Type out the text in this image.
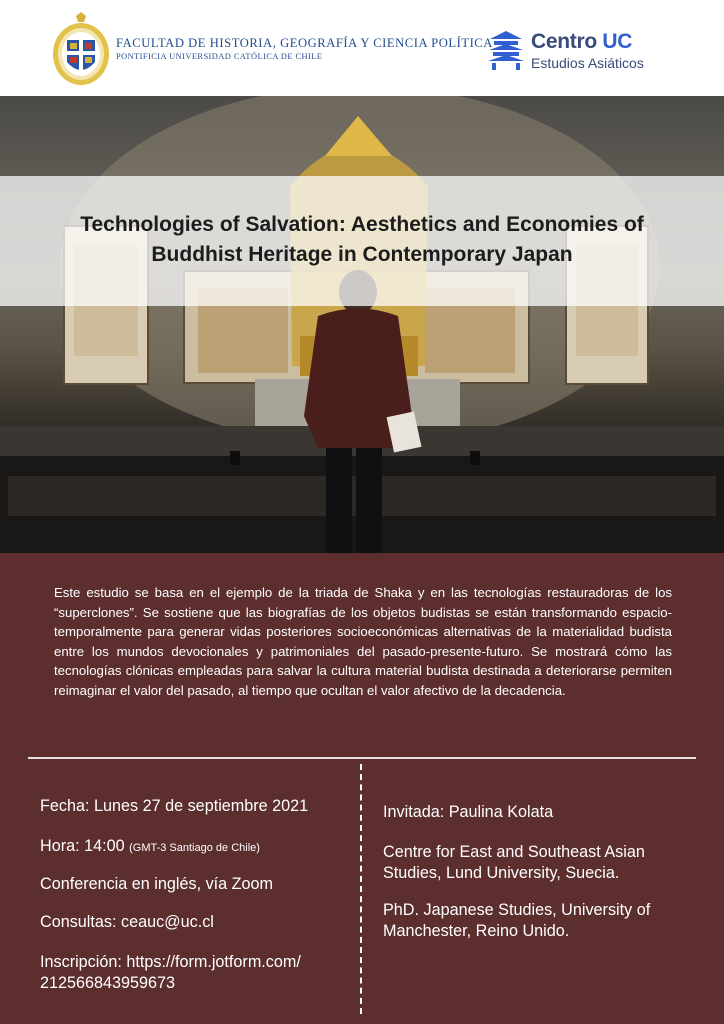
FACULTAD DE HISTORIA, GEOGRAFÍA Y CIENCIA POLÍTICA
PONTIFICIA UNIVERSIDAD CATÓLICA DE CHILE
Centro UC
Estudios Asiáticos
Technologies of Salvation: Aesthetics and Economies of
Buddhist Heritage in Contemporary Japan
Este estudio se basa en el ejemplo de la triada de Shaka y en las tecnologías restauradoras de los “superclones”. Se sostiene que las biografías de los objetos budistas se están transformando espacio-temporalmente para generar vidas posteriores socioeconómicas alternativas de la materialidad budista entre los mundos devocionales y patrimoniales del pasado-presente-futuro. Se mostrará cómo las tecnologías clónicas empleadas para salvar la cultura material budista destinada a deteriorarse permiten reimaginar el valor del pasado, al tiempo que ocultan el valor afectivo de la decadencia.
Fecha: Lunes 27 de septiembre 2021
Hora: 14:00 (GMT-3 Santiago de Chile)
Conferencia en inglés, vía Zoom
Consultas: ceauc@uc.cl
Inscripción: https://form.jotform.com/
212566843959673
Invitada: Paulina Kolata
Centre for East and Southeast Asian Studies, Lund University, Suecia.
PhD. Japanese Studies, University of Manchester, Reino Unido.
